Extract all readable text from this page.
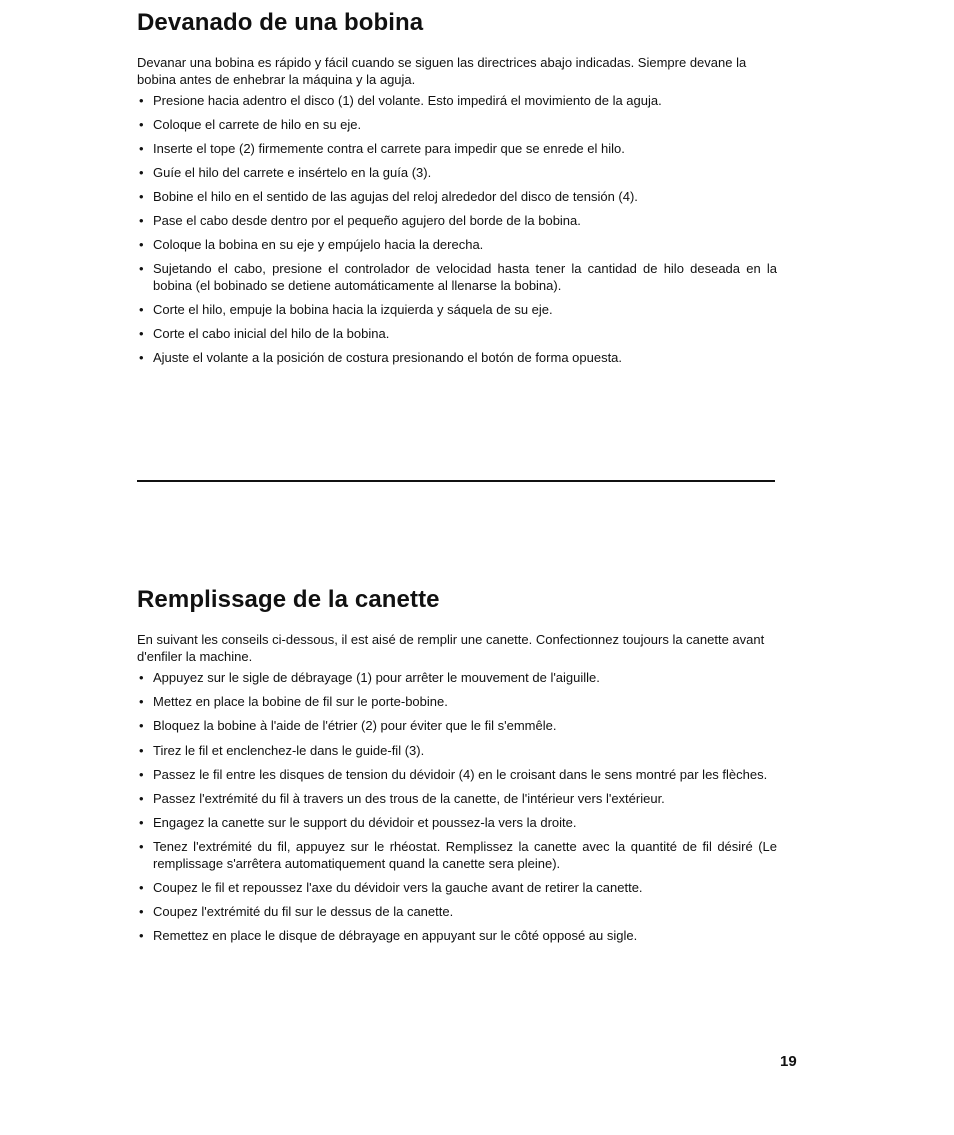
Devanado de una bobina

Devanar una bobina es rápido y fácil cuando se siguen las directrices abajo indicadas. Siempre devane la bobina antes de enhebrar la máquina y la aguja.

• Presione hacia adentro el disco (1) del volante. Esto impedirá el movimiento de la aguja.
• Coloque el carrete de hilo en su eje.
• Inserte el tope (2) firmemente contra el carrete para impedir que se enrede el hilo.
• Guíe el hilo del carrete e insértelo en la guía (3).
• Bobine el hilo en el sentido de las agujas del reloj alrededor del disco de tensión (4).
• Pase el cabo desde dentro por el pequeño agujero del borde de la bobina.
• Coloque la bobina en su eje y empújelo hacia la derecha.
• Sujetando el cabo, presione el controlador de velocidad hasta tener la cantidad de hilo deseada en la bobina (el bobinado se detiene automáticamente al llenarse la bobina).
• Corte el hilo, empuje la bobina hacia la izquierda y sáquela de su eje.
• Corte el cabo inicial del hilo de la bobina.
• Ajuste el volante a la posición de costura presionando el botón de forma opuesta.
Remplissage de la canette

En suivant les conseils ci-dessous, il est aisé de remplir une canette. Confectionnez toujours la canette avant d'enfiler la machine.

• Appuyez sur le sigle de débrayage (1) pour arrêter le mouvement de l'aiguille.
• Mettez en place la bobine de fil sur le porte-bobine.
• Bloquez la bobine à l'aide de l'étrier (2) pour éviter que le fil s'emmêle.
• Tirez le fil et enclenchez-le dans le guide-fil (3).
• Passez le fil entre les disques de tension du dévidoir (4) en le croisant dans le sens montré par les flèches.
• Passez l'extrémité du fil à travers un des trous de la canette, de l'intérieur vers l'extérieur.
• Engagez la canette sur le support du dévidoir et poussez-la vers la droite.
• Tenez l'extrémité du fil, appuyez sur le rhéostat. Remplissez la canette avec la quantité de fil désiré (Le remplissage s'arrêtera automatiquement quand la canette sera pleine).
• Coupez le fil et repoussez l'axe du dévidoir vers la gauche avant de retirer la canette.
• Coupez l'extrémité du fil sur le dessus de la canette.
• Remettez en place le disque de débrayage en appuyant sur le côté opposé au sigle.
19
